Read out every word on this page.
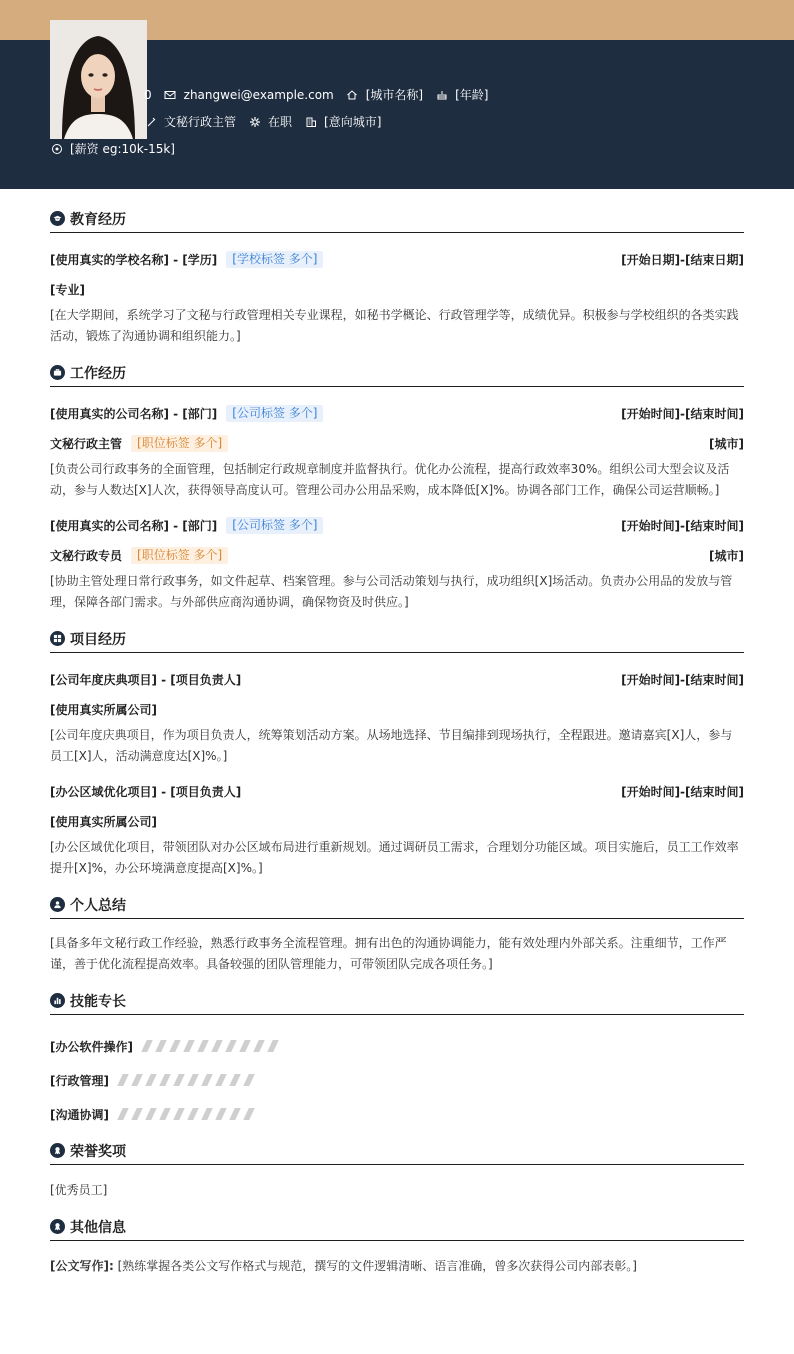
0	zhangwei@example.com	[城市名称]	[年龄]
文秘行政主管	在职	[意向城市]
[薪资 eg:10k-15k]
教育经历
[使用真实的学校名称] - [学历]	[学校标签 多个]	[开始日期]-[结束日期]
[专业]
[在大学期间，系统学习了文秘与行政管理相关专业课程，如秘书学概论、行政管理学等，成绩优异。积极参与学校组织的各类实践活动，锻炼了沟通协调和组织能力。]
工作经历
[使用真实的公司名称] - [部门]	[公司标签 多个]	[开始时间]-[结束时间]
文秘行政主管	[职位标签 多个]	[城市]
[负责公司行政事务的全面管理，包括制定行政规章制度并监督执行。优化办公流程，提高行政效率30%。组织公司大型会议及活动，参与人数达[X]人次，获得领导高度认可。管理公司办公用品采购，成本降低[X]%。协调各部门工作，确保公司运营顺畅。]
[使用真实的公司名称] - [部门]	[公司标签 多个]	[开始时间]-[结束时间]
文秘行政专员	[职位标签 多个]	[城市]
[协助主管处理日常行政事务，如文件起草、档案管理。参与公司活动策划与执行，成功组织[X]场活动。负责办公用品的发放与管理，保障各部门需求。与外部供应商沟通协调，确保物资及时供应。]
项目经历
[公司年度庆典项目] - [项目负责人]	[开始时间]-[结束时间]
[使用真实所属公司]
[公司年度庆典项目，作为项目负责人，统筹策划活动方案。从场地选择、节目编排到现场执行，全程跟进。邀请嘉宾[X]人，参与员工[X]人，活动满意度达[X]%。]
[办公区域优化项目] - [项目负责人]	[开始时间]-[结束时间]
[使用真实所属公司]
[办公区域优化项目，带领团队对办公区域布局进行重新规划。通过调研员工需求，合理划分功能区域。项目实施后，员工工作效率提升[X]%，办公环境满意度提高[X]%。]
个人总结
[具备多年文秘行政工作经验，熟悉行政事务全流程管理。拥有出色的沟通协调能力，能有效处理内外部关系。注重细节，工作严谨，善于优化流程提高效率。具备较强的团队管理能力，可带领团队完成各项任务。]
技能专长
[办公软件操作]
[行政管理]
[沟通协调]
荣誉奖项
[优秀员工]
其他信息
[公文写作]: [熟练掌握各类公文写作格式与规范，撰写的文件逻辑清晰、语言准确，曾多次获得公司内部表彰。]
